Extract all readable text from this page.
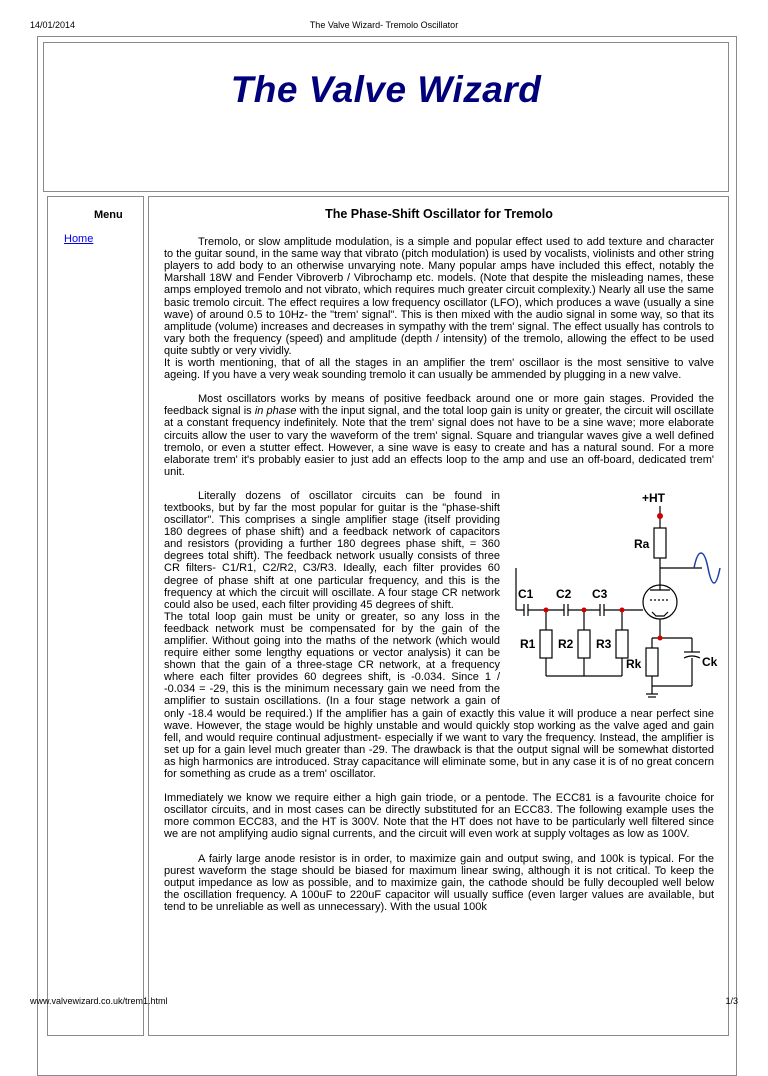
14/01/2014	The Valve Wizard- Tremolo Oscillator
The Valve Wizard
Menu
Home
The Phase-Shift Oscillator for Tremolo

Tremolo, or slow amplitude modulation, is a simple and popular effect used to add texture and character to the guitar sound, in the same way that vibrato (pitch modulation) is used by vocalists, violinists and other string players to add body to an otherwise unvarying note. Many popular amps have included this effect, notably the Marshall 18W and Fender Vibroverb / Vibrochamp etc. models. (Note that despite the misleading names, these amps employed tremolo and not vibrato, which requires much greater circuit complexity.) Nearly all use the same basic tremolo circuit. The effect requires a low frequency oscillator (LFO), which produces a wave (usually a sine wave) of around 0.5 to 10Hz- the "trem' signal". This is then mixed with the audio signal in some way, so that its amplitude (volume) increases and decreases in sympathy with the trem' signal. The effect usually has controls to vary both the frequency (speed) and amplitude (depth / intensity) of the tremolo, allowing the effect to be used quite subtly or very vividly.

It is worth mentioning, that of all the stages in an amplifier the trem' oscillaor is the most sensitive to valve ageing. If you have a very weak sounding tremolo it can usually be ammended by plugging in a new valve.

Most oscillators works by means of positive feedback around one or more gain stages. Provided the feedback signal is in phase with the input signal, and the total loop gain is unity or greater, the circuit will oscillate at a constant frequency indefinitely. Note that the trem' signal does not have to be a sine wave; more elaborate circuits allow the user to vary the waveform of the trem' signal. Square and triangular waves give a well defined tremolo, or even a stutter effect. However, a sine wave is easy to create and has a natural sound. For a more elaborate trem' it's probably easier to just add an effects loop to the amp and use an off-board, dedicated trem' unit.

+HT
Ra
C1 C2 C3
R1 R2 R3
Rk	Ck

Literally dozens of oscillator circuits can be found in textbooks, but by far the most popular for guitar is the "phase-shift oscillator". This comprises a single amplifier stage (itself providing 180 degrees of phase shift) and a feedback network of capacitors and resistors (providing a further 180 degrees phase shift, = 360 degrees total shift). The feedback network usually consists of three CR filters- C1/R1, C2/R2, C3/R3. Ideally, each filter provides 60 degree of phase shift at one particular frequency, and this is the frequency at which the circuit will oscillate. A four stage CR network could also be used, each filter providing 45 degrees of shift.

The total loop gain must be unity or greater, so any loss in the feedback network must be compensated for by the gain of the amplifier. Without going into the maths of the network (which would require either some lengthy equations or vector analysis) it can be shown that the gain of a three-stage CR network, at a frequency where each filter provides 60 degrees shift, is -0.034. Since 1 / -0.034 = -29, this is the minimum necessary gain we need from the amplifier to sustain oscillations. (In a four stage network a gain of only -18.4 would be required.) If the amplifier has a gain of exactly this value it will produce a near perfect sine wave. However, the stage would be highly unstable and would quickly stop working as the valve aged and gain fell, and would require continual adjustment- especially if we want to vary the frequency. Instead, the amplifier is set up for a gain level much greater than -29. The drawback is that the output signal will be somewhat distorted as high harmonics are introduced. Stray capacitance will eliminate some, but in any case it is of no great concern for something as crude as a trem' oscillator.

Immediately we know we require either a high gain triode, or a pentode. The ECC81 is a favourite choice for oscillator circuits, and in most cases can be directly substituted for an ECC83. The following example uses the more common ECC83, and the HT is 300V. Note that the HT does not have to be particularly well filtered since we are not amplifying audio signal currents, and the circuit will even work at supply voltages as low as 100V.

A fairly large anode resistor is in order, to maximize gain and output swing, and 100k is typical. For the purest waveform the stage should be biased for maximum linear swing, although it is not critical. To keep the output impedance as low as possible, and to maximize gain, the cathode should be fully decoupled well below the oscillation frequency. A 100uF to 220uF capacitor will usually suffice (even larger values are available, but tend to be unreliable as well as unnecessary). With the usual 100k

www.valvewizard.co.uk/trem1.html	1/3
